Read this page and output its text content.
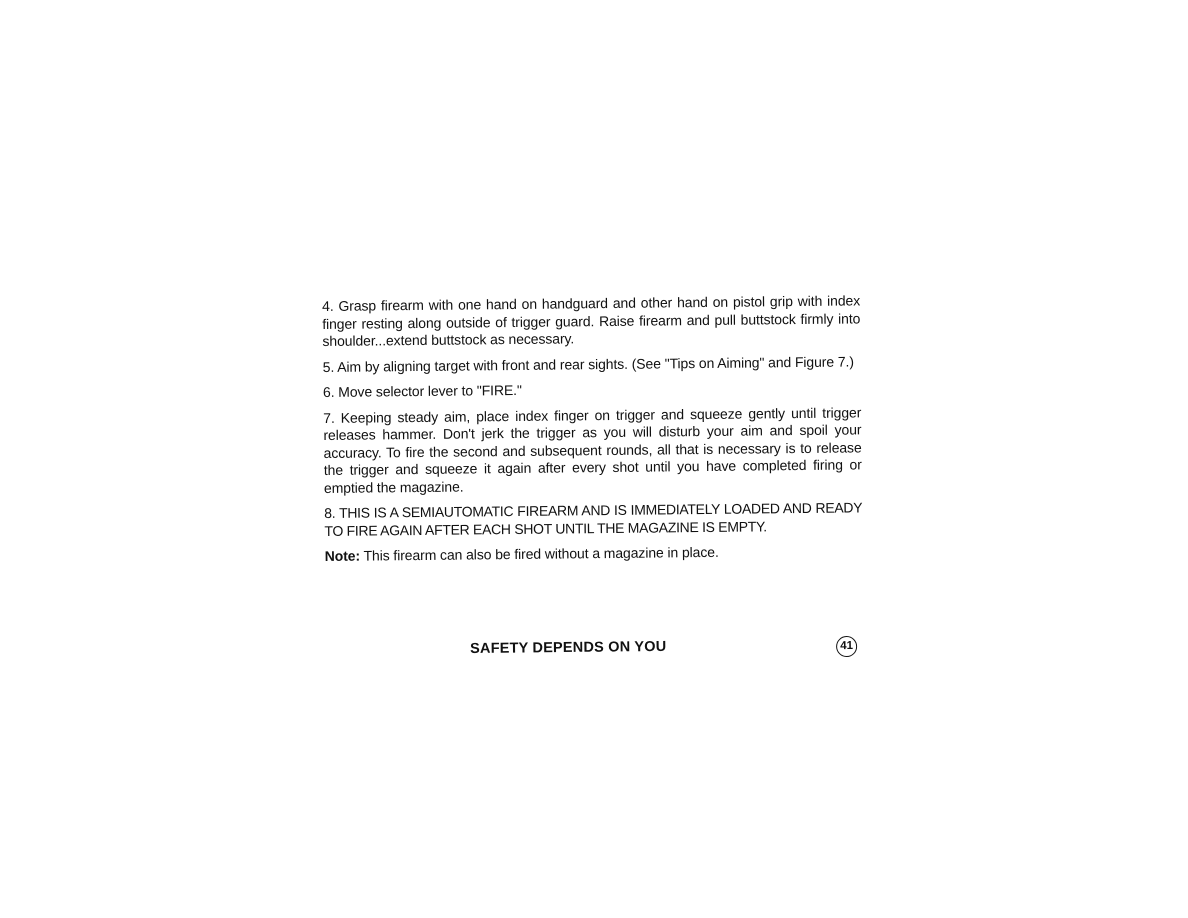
4. Grasp firearm with one hand on handguard and other hand on pistol grip with index finger resting along outside of trigger guard. Raise firearm and pull buttstock firmly into shoulder...extend buttstock as necessary.

5. Aim by aligning target with front and rear sights. (See "Tips on Aiming" and Figure 7.)

6. Move selector lever to "FIRE."

7. Keeping steady aim, place index finger on trigger and squeeze gently until trigger releases hammer. Don't jerk the trigger as you will disturb your aim and spoil your accuracy. To fire the second and subsequent rounds, all that is necessary is to release the trigger and squeeze it again after every shot until you have completed firing or emptied the magazine.

8. THIS IS A SEMIAUTOMATIC FIREARM AND IS IMMEDIATELY LOADED AND READY TO FIRE AGAIN AFTER EACH SHOT UNTIL THE MAGAZINE IS EMPTY.

Note: This firearm can also be fired without a magazine in place.

SAFETY DEPENDS ON YOU	41
